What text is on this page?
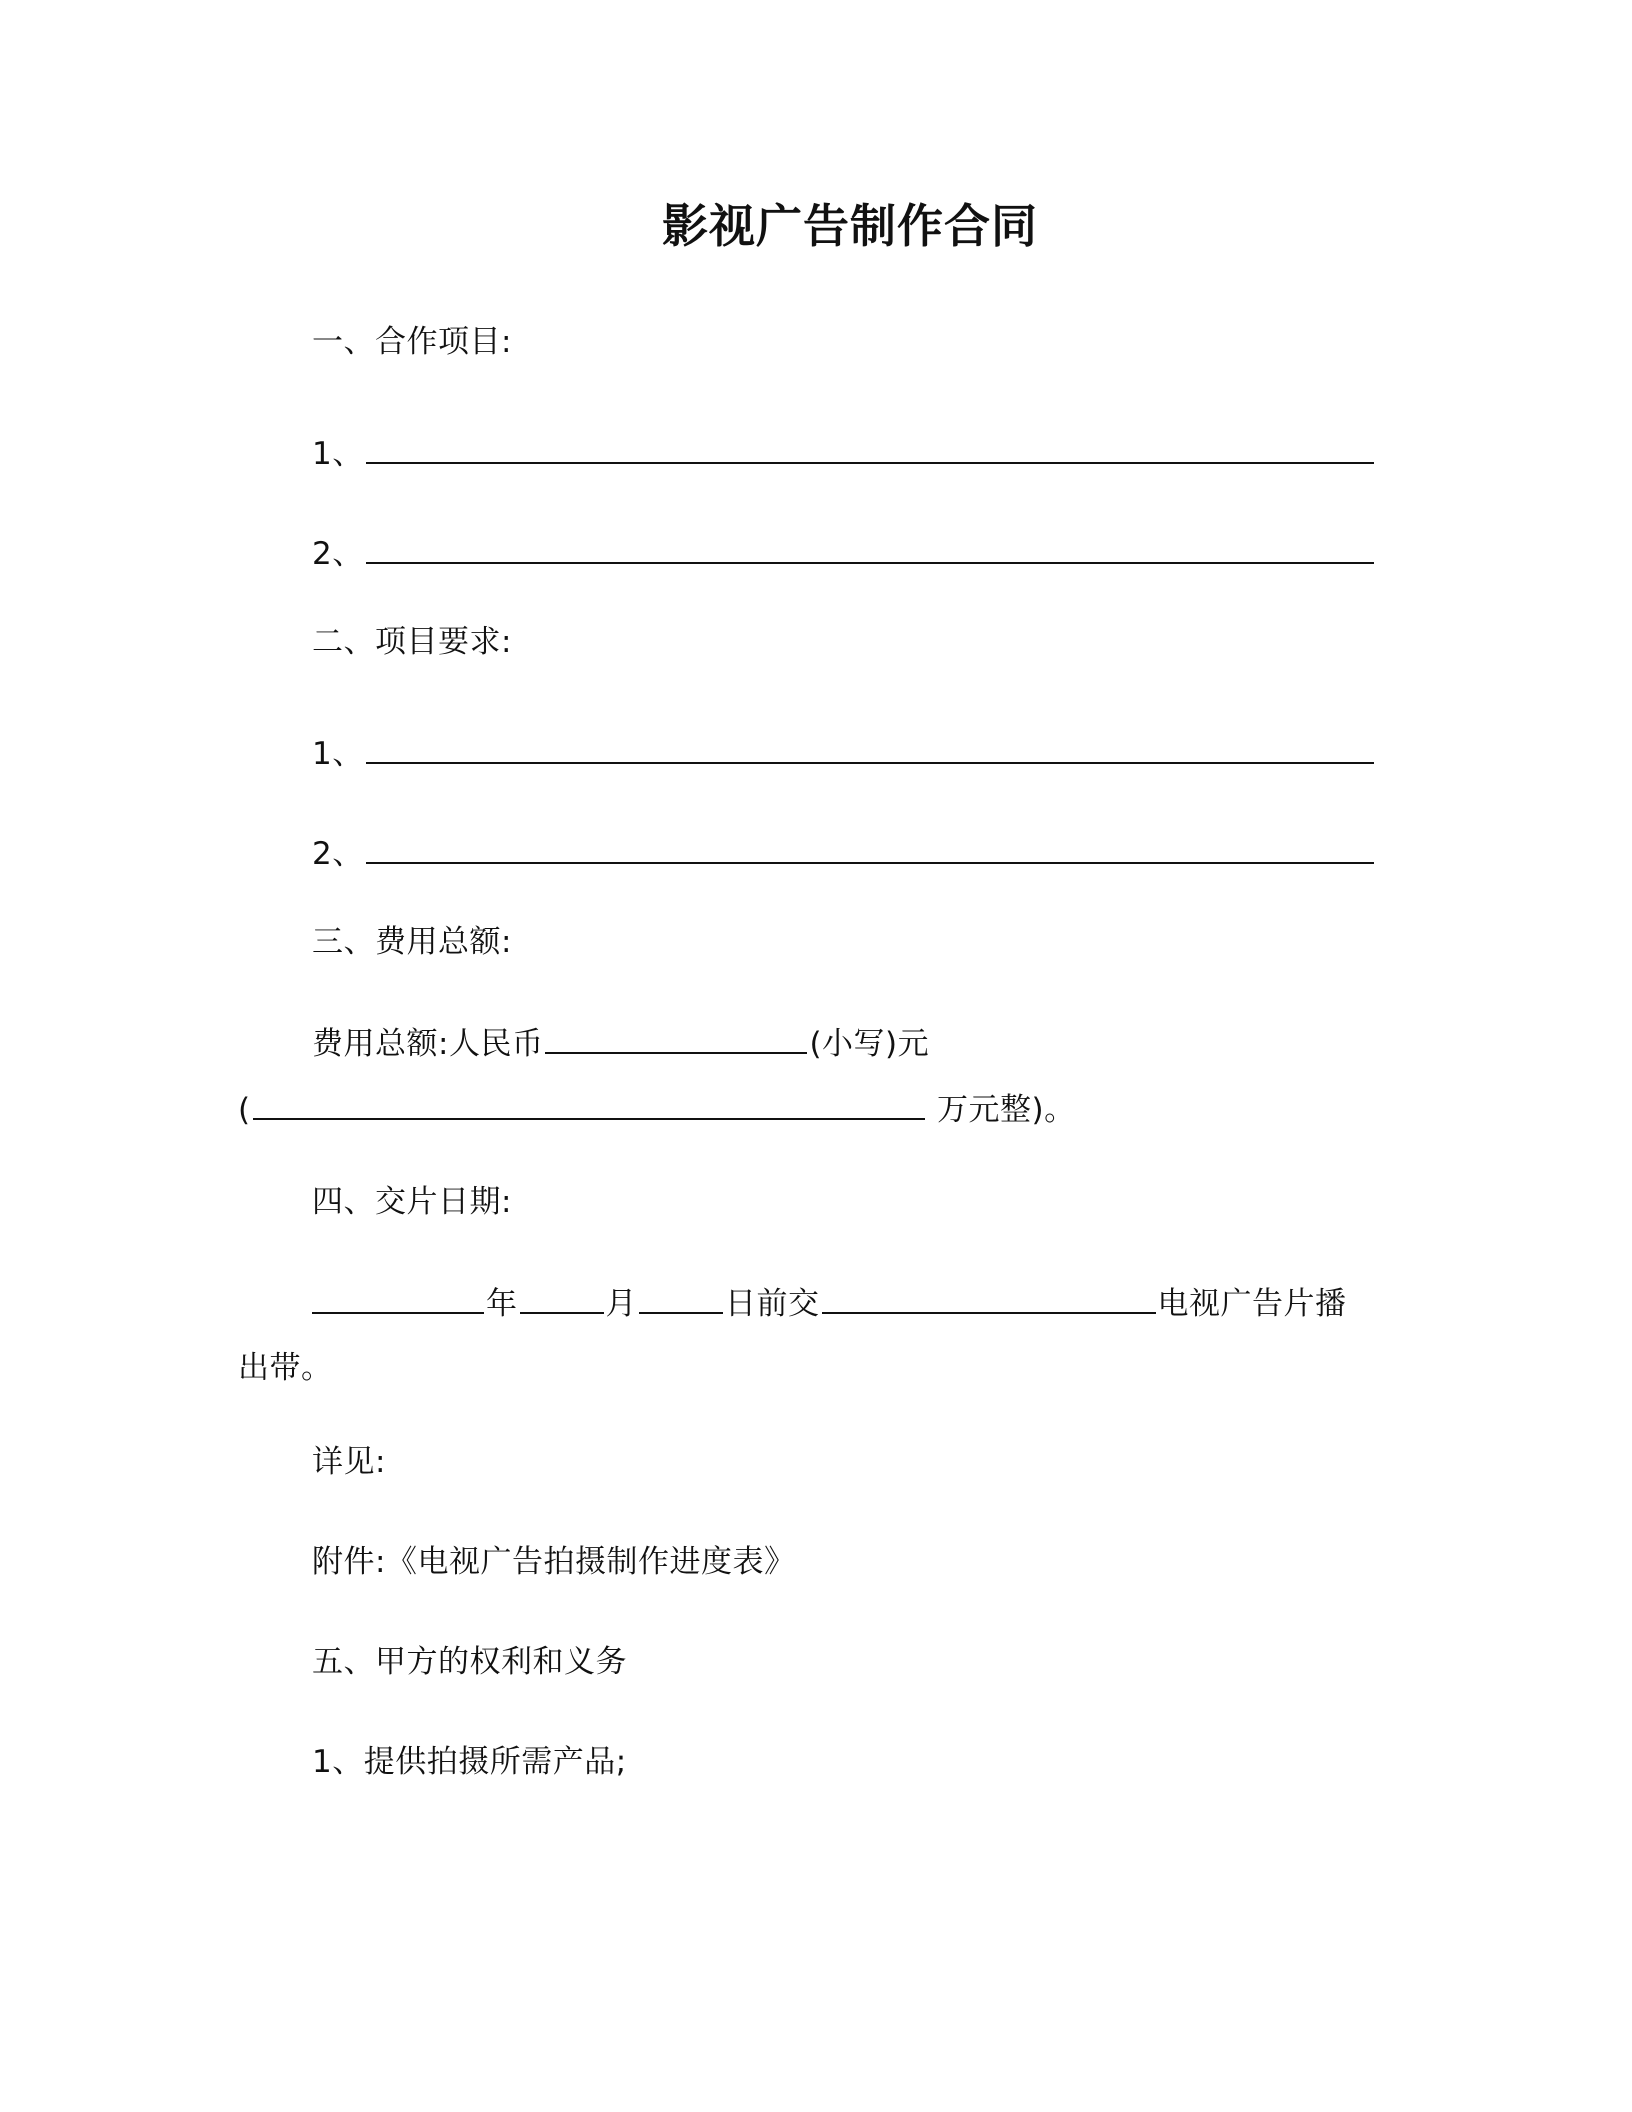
影视广告制作合同
一、合作项目:
1、
2、
二、项目要求:
1、
2、
三、费用总额:
费用总额:人民币	(小写)元
(	万元整)。
四、交片日期:
年	月	日前交	电视广告片播
出带。
详见:
附件:《电视广告拍摄制作进度表》
五、甲方的权利和义务
1、提供拍摄所需产品;
